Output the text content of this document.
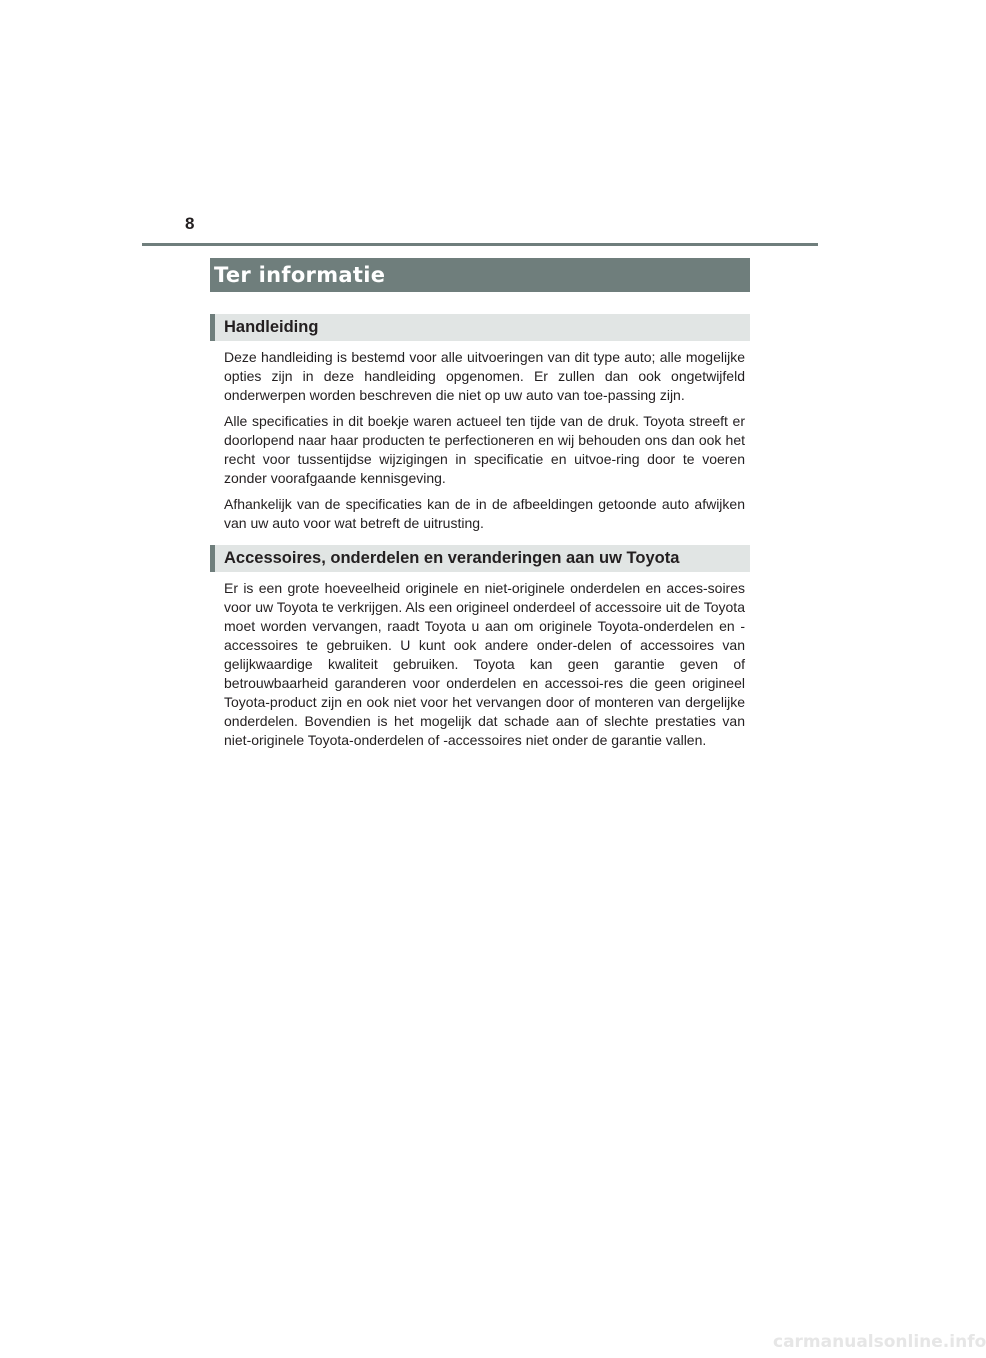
8
Ter informatie
Handleiding

Deze handleiding is bestemd voor alle uitvoeringen van dit type auto; alle mogelijke opties zijn in deze handleiding opgenomen. Er zullen dan ook ongetwijfeld onderwerpen worden beschreven die niet op uw auto van toe-passing zijn.

Alle specificaties in dit boekje waren actueel ten tijde van de druk. Toyota streeft er doorlopend naar haar producten te perfectioneren en wij behouden ons dan ook het recht voor tussentijdse wijzigingen in specificatie en uitvoe-ring door te voeren zonder voorafgaande kennisgeving.

Afhankelijk van de specificaties kan de in de afbeeldingen getoonde auto afwijken van uw auto voor wat betreft de uitrusting.

Accessoires, onderdelen en veranderingen aan uw Toyota

Er is een grote hoeveelheid originele en niet-originele onderdelen en acces-soires voor uw Toyota te verkrijgen. Als een origineel onderdeel of accessoire uit de Toyota moet worden vervangen, raadt Toyota u aan om originele Toyota-onderdelen en -accessoires te gebruiken. U kunt ook andere onder-delen of accessoires van gelijkwaardige kwaliteit gebruiken. Toyota kan geen garantie geven of betrouwbaarheid garanderen voor onderdelen en accessoi-res die geen origineel Toyota-product zijn en ook niet voor het vervangen door of monteren van dergelijke onderdelen. Bovendien is het mogelijk dat schade aan of slechte prestaties van niet-originele Toyota-onderdelen of -accessoires niet onder de garantie vallen.

carmanualsonline.info
